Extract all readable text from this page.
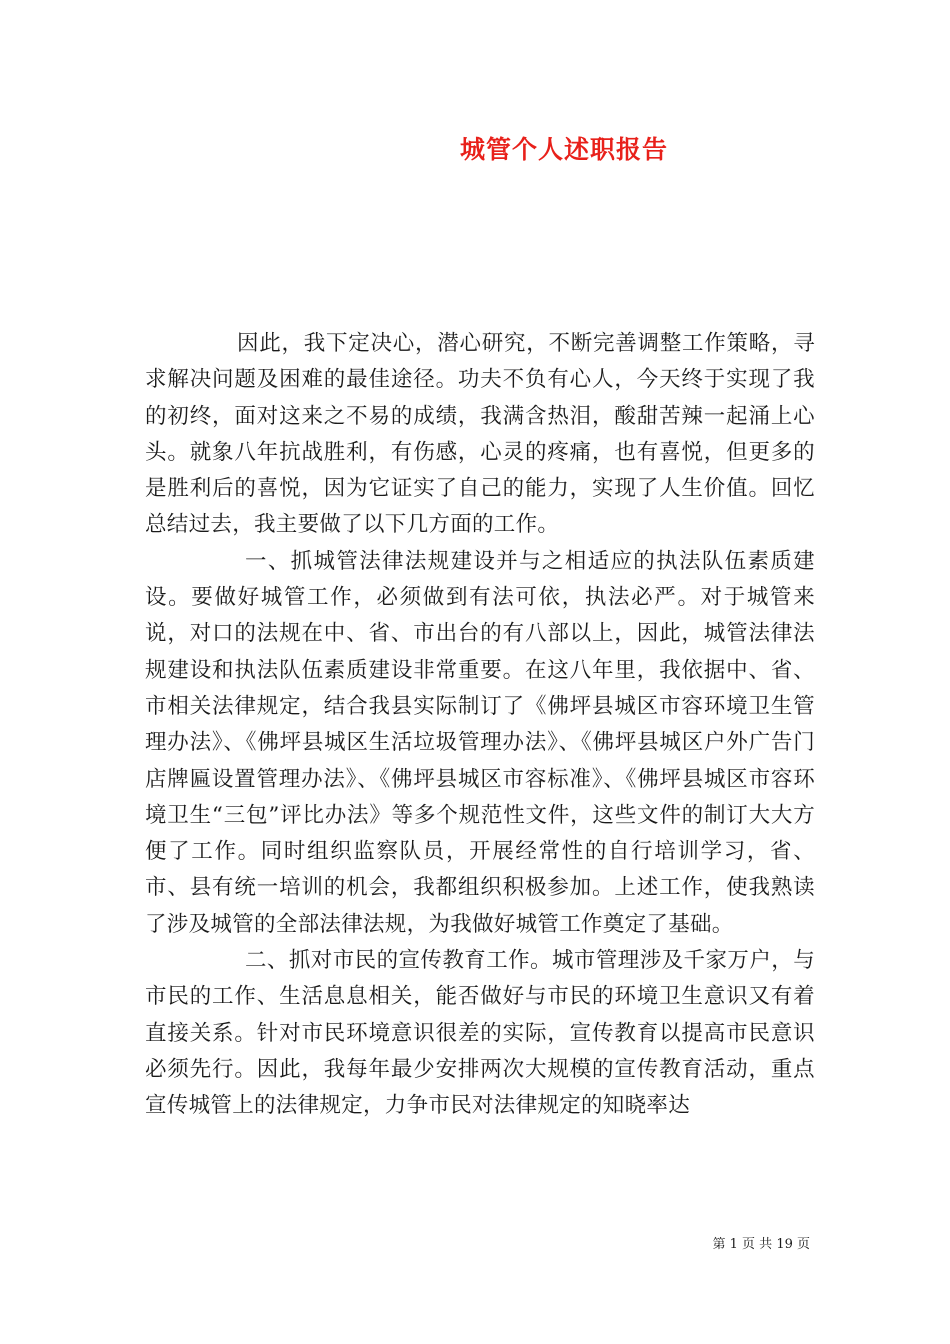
城管个人述职报告

因此，我下定决心，潜心研究，不断完善调整工作策略，寻求解决问题及困难的最佳途径。功夫不负有心人，今天终于实现了我的初终，面对这来之不易的成绩，我满含热泪，酸甜苦辣一起涌上心头。就象八年抗战胜利，有伤感，心灵的疼痛，也有喜悦，但更多的是胜利后的喜悦，因为它证实了自己的能力，实现了人生价值。回忆总结过去，我主要做了以下几方面的工作。

一、抓城管法律法规建设并与之相适应的执法队伍素质建设。要做好城管工作，必须做到有法可依，执法必严。对于城管来说，对口的法规在中、省、市出台的有八部以上，因此，城管法律法规建设和执法队伍素质建设非常重要。在这八年里，我依据中、省、市相关法律规定，结合我县实际制订了《佛坪县城区市容环境卫生管理办法》、《佛坪县城区生活垃圾管理办法》、《佛坪县城区户外广告门店牌匾设置管理办法》、《佛坪县城区市容标准》、《佛坪县城区市容环境卫生“三包”评比办法》等多个规范性文件，这些文件的制订大大方便了工作。同时组织监察队员，开展经常性的自行培训学习，省、市、县有统一培训的机会，我都组织积极参加。上述工作，使我熟读了涉及城管的全部法律法规，为我做好城管工作奠定了基础。

二、抓对市民的宣传教育工作。城市管理涉及千家万户，与市民的工作、生活息息相关，能否做好与市民的环境卫生意识又有着直接关系。针对市民环境意识很差的实际，宣传教育以提高市民意识必须先行。因此，我每年最少安排两次大规模的宣传教育活动，重点宣传城管上的法律规定，力争市民对法律规定的知晓率达

第 1 页 共 19 页
